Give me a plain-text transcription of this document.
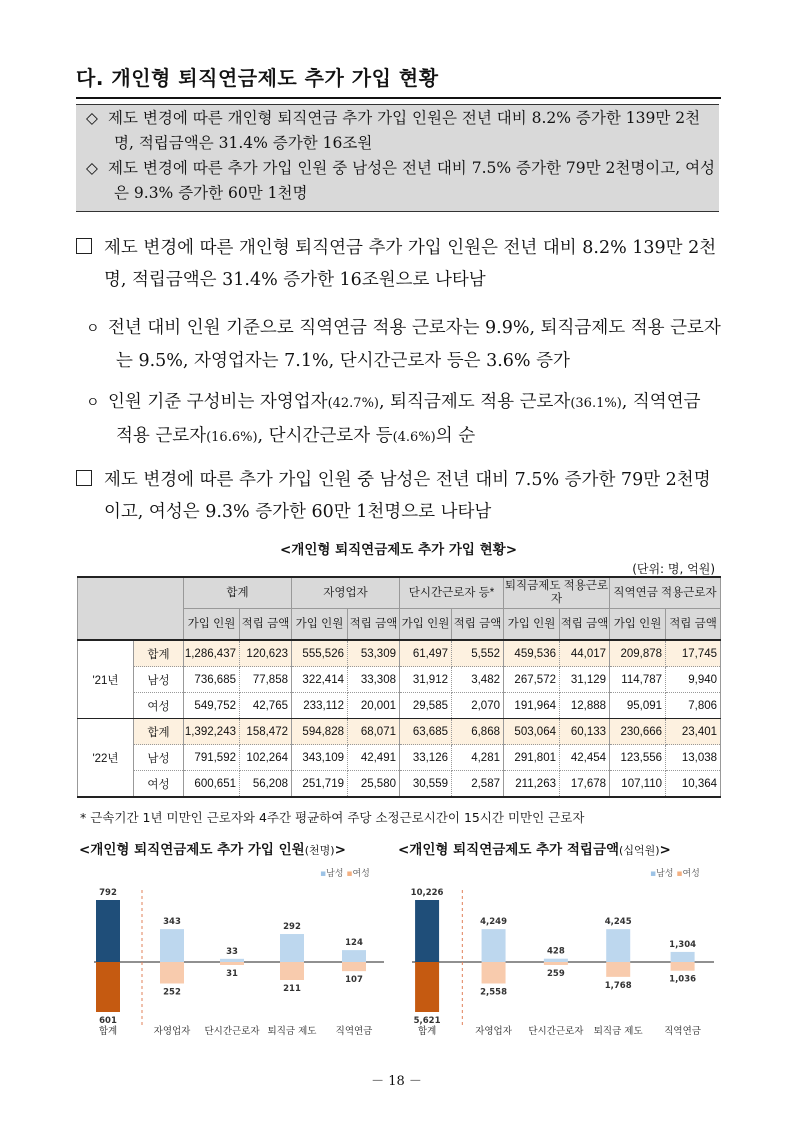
다. 개인형 퇴직연금제도 추가 가입 현황

◇ 제도 변경에 따른 개인형 퇴직연금 추가 가입 인원은 전년 대비 8.2% 증가한 139만 2천명, 적립금액은 31.4% 증가한 16조원

◇ 제도 변경에 따른 추가 가입 인원 중 남성은 전년 대비 7.5% 증가한 79만 2천명이고, 여성은 9.3% 증가한 60만 1천명

제도 변경에 따른 개인형 퇴직연금 추가 가입 인원은 전년 대비 8.2% 139만 2천명, 적립금액은 31.4% 증가한 16조원으로 나타남

ㅇ 전년 대비 인원 기준으로 직역연금 적용 근로자는 9.9%, 퇴직금제도 적용 근로자는 9.5%, 자영업자는 7.1%, 단시간근로자 등은 3.6% 증가

ㅇ 인원 기준 구성비는 자영업자(42.7%), 퇴직금제도 적용 근로자(36.1%), 직역연금 적용 근로자(16.6%), 단시간근로자 등(4.6%)의 순

제도 변경에 따른 추가 가입 인원 중 남성은 전년 대비 7.5% 증가한 79만 2천명이고, 여성은 9.3% 증가한 60만 1천명으로 나타남

<개인형 퇴직연금제도 추가 가입 현황>
(단위: 명, 억원)
		합계		자영업자		단시간근로자 등*		퇴직금제도 적용근로자		직역연금 적용근로자	
		가입 인원	적립 금액	가입 인원	적립 금액	가입 인원	적립 금액	가입 인원	적립 금액	가입 인원	적립 금액
'21년	합계	1,286,437	120,623	555,526	53,309	61,497	5,552	459,536	44,017	209,878	17,745
	남성	736,685	77,858	322,414	33,308	31,912	3,482	267,572	31,129	114,787	9,940
	여성	549,752	42,765	233,112	20,001	29,585	2,070	191,964	12,888	95,091	7,806
'22년	합계	1,392,243	158,472	594,828	68,071	63,685	6,868	503,064	60,133	230,666	23,401
	남성	791,592	102,264	343,109	42,491	33,126	4,281	291,801	42,454	123,556	13,038
	여성	600,651	56,208	251,719	25,580	30,559	2,587	211,263	17,678	107,110	10,364
* 근속기간 1년 미만인 근로자와 4주간 평균하여 주당 소정근로시간이 15시간 미만인 근로자
<개인형 퇴직연금제도 추가 가입 인원(천명)>	<개인형 퇴직연금제도 추가 적립금액(십억원)>
▪남성 ▪여성
792
601
합계
343
252
자영업자
33
31
단시간근로자
292
211
퇴직금 제도
124
107
직역연금
▪남성 ▪여성
10,226
5,621
합계
4,249
2,558
자영업자
428
259
단시간근로자
4,245
1,768
퇴직금 제도
1,304
1,036
직역연금
－ 18 －
